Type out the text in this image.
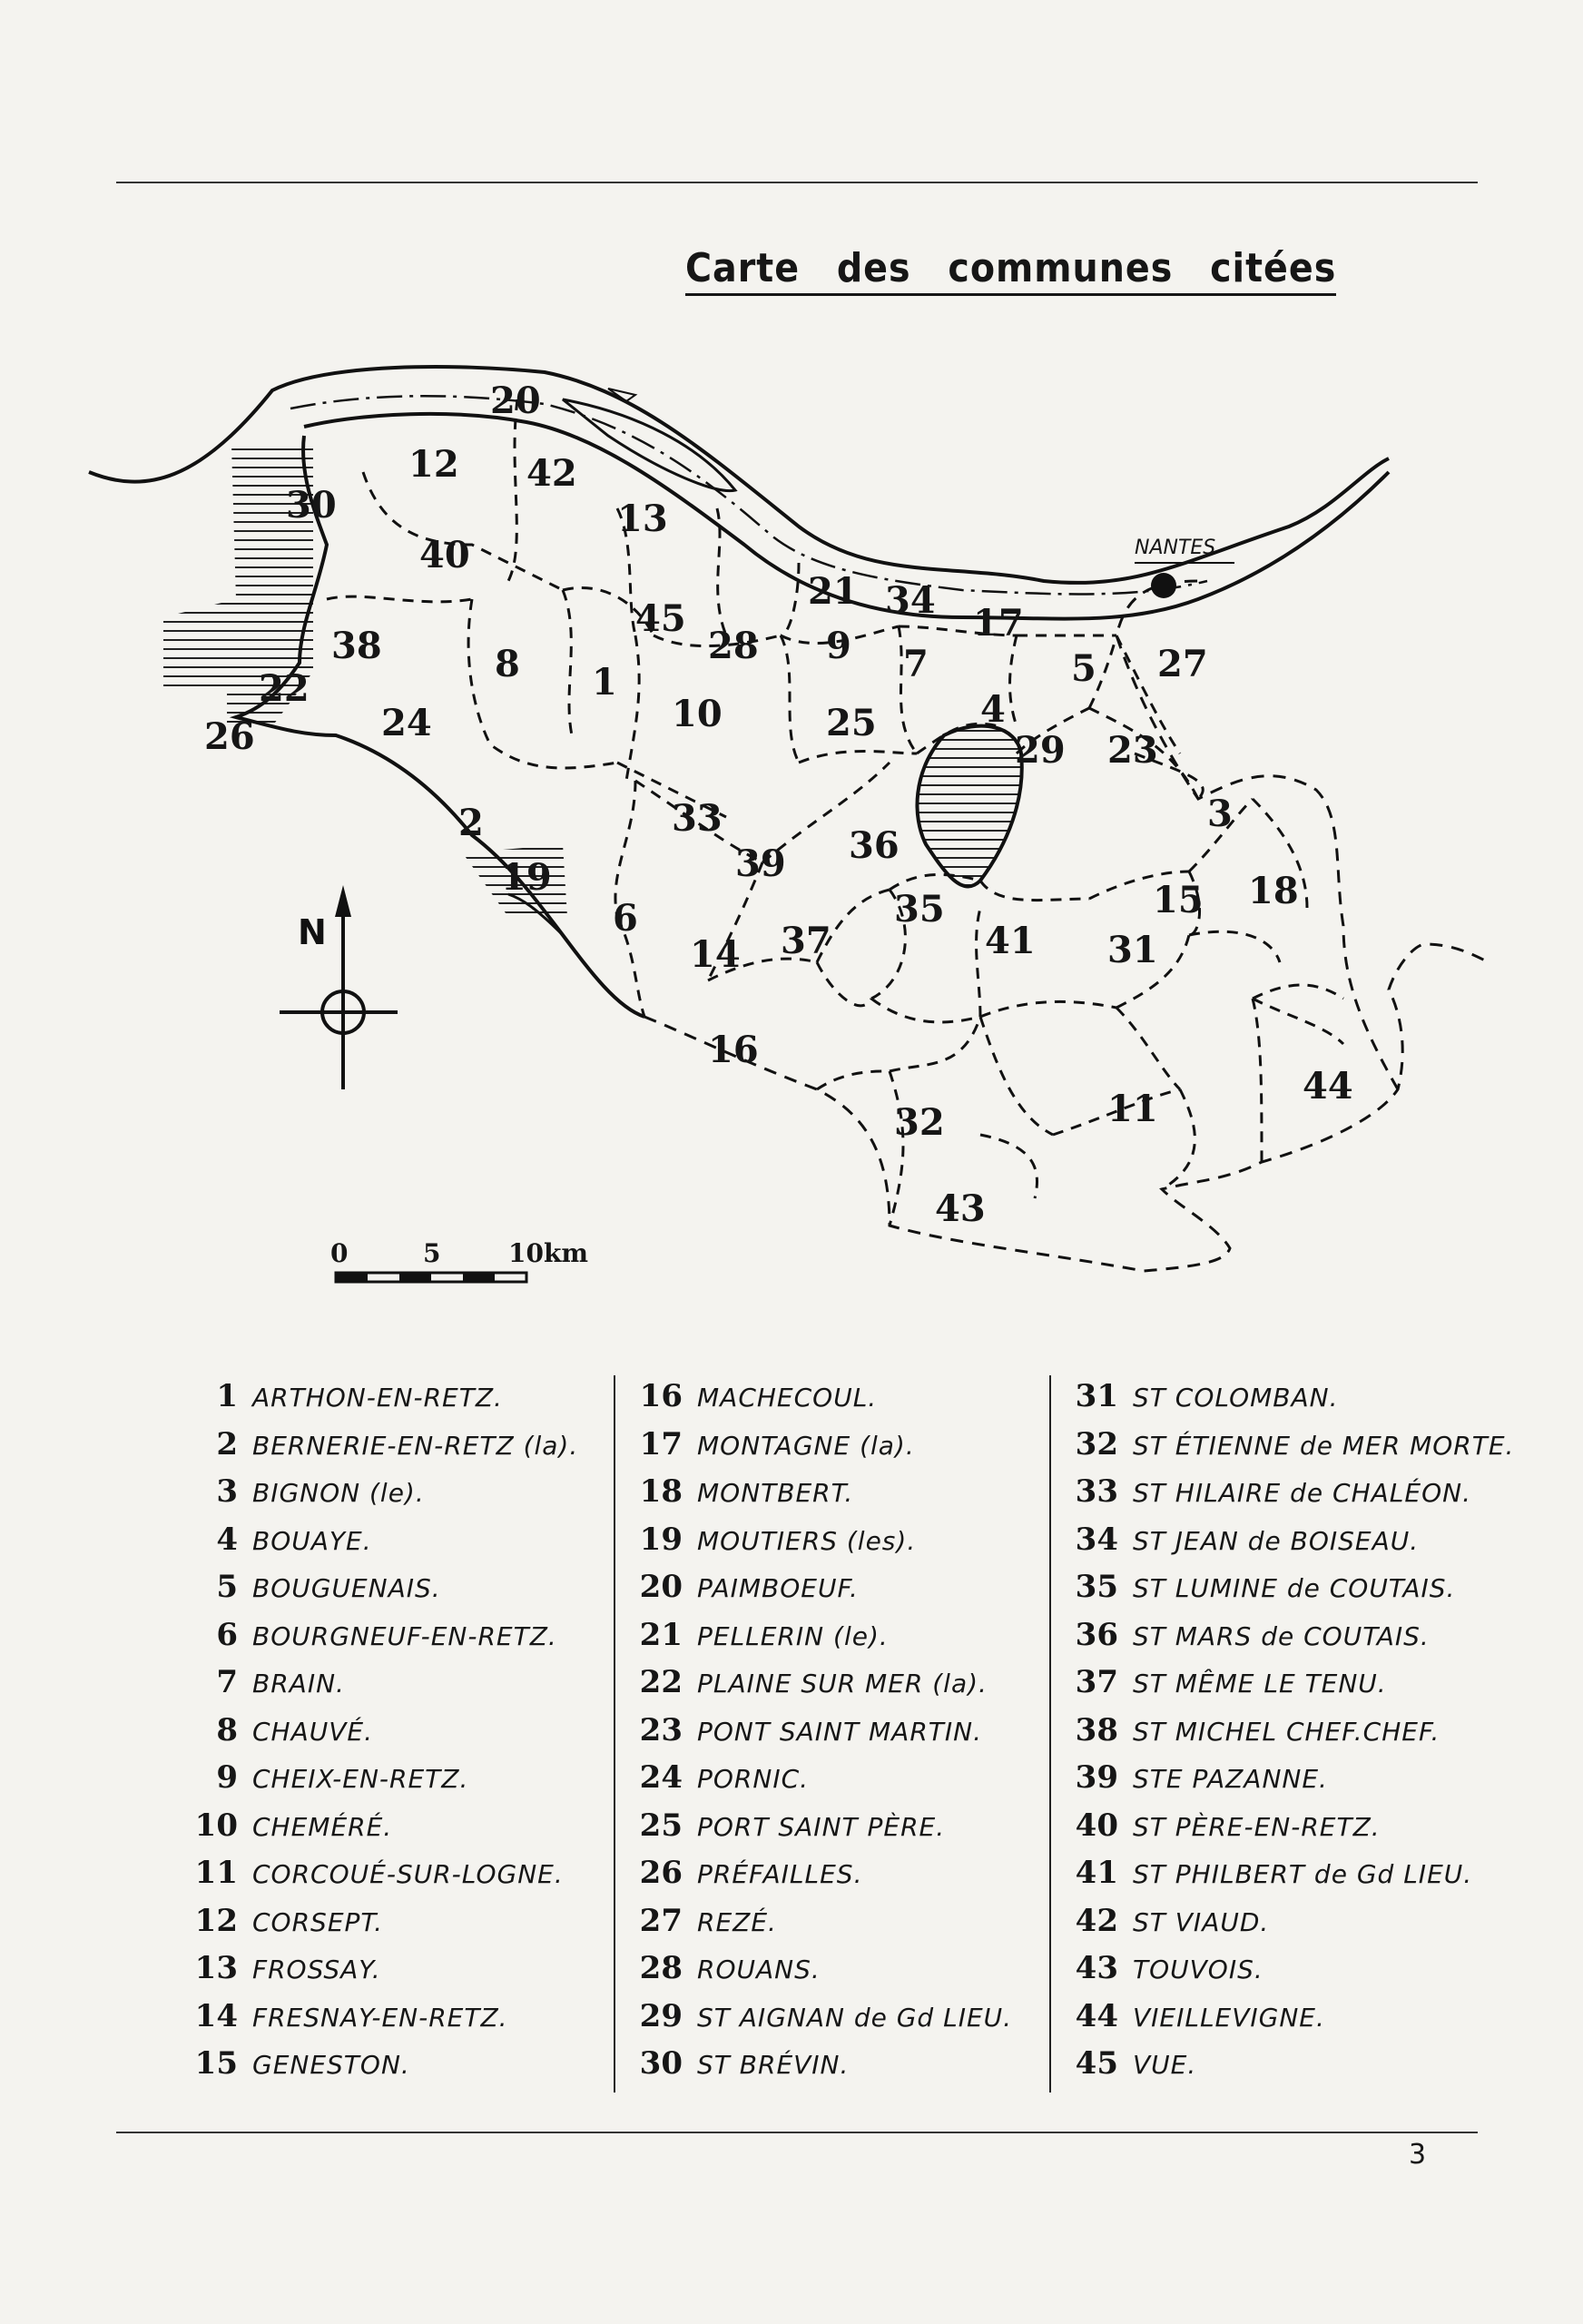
Carte des communes citées
NANTES
1
2	3
4
5
6
7
8	9
10
11
12
13
14
15
16
17
18
19
20
21
22
23
24	25
26
27
28
29
30
31
32
33
34
35
36
37
38
39
40
41
42
43
44
45
N
0	5	10km
1 ARTHON-EN-RETZ.
2 BERNERIE-EN-RETZ (la).
3 BIGNON (le).
4 BOUAYE.
5 BOUGUENAIS.
6 BOURGNEUF-EN-RETZ.
7 BRAIN.
8 CHAUVÉ.
9 CHEIX-EN-RETZ.
10 CHEMÉRÉ.
11 CORCOUÉ-SUR-LOGNE.
12 CORSEPT.
13 FROSSAY.
14 FRESNAY-EN-RETZ.
15 GENESTON.
16 MACHECOUL.
17 MONTAGNE (la).
18 MONTBERT.
19 MOUTIERS (les).
20 PAIMBOEUF.
21 PELLERIN (le).
22 PLAINE SUR MER (la).
23 PONT SAINT MARTIN.
24 PORNIC.
25 PORT SAINT PÈRE.
26 PRÉFAILLES.
27 REZÉ.
28 ROUANS.
29 ST AIGNAN de Gd LIEU.
30 ST BRÉVIN.
31 ST COLOMBAN.
32 ST ÉTIENNE de MER MORTE.
33 ST HILAIRE de CHALÉON.
34 ST JEAN de BOISEAU.
35 ST LUMINE de COUTAIS.
36 ST MARS de COUTAIS.
37 ST MÊME LE TENU.
38 ST MICHEL CHEF.CHEF.
39 STE PAZANNE.
40 ST PÈRE-EN-RETZ.
41 ST PHILBERT de Gd LIEU.
42 ST VIAUD.
43 TOUVOIS.
44 VIEILLEVIGNE.
45 VUE.
3
